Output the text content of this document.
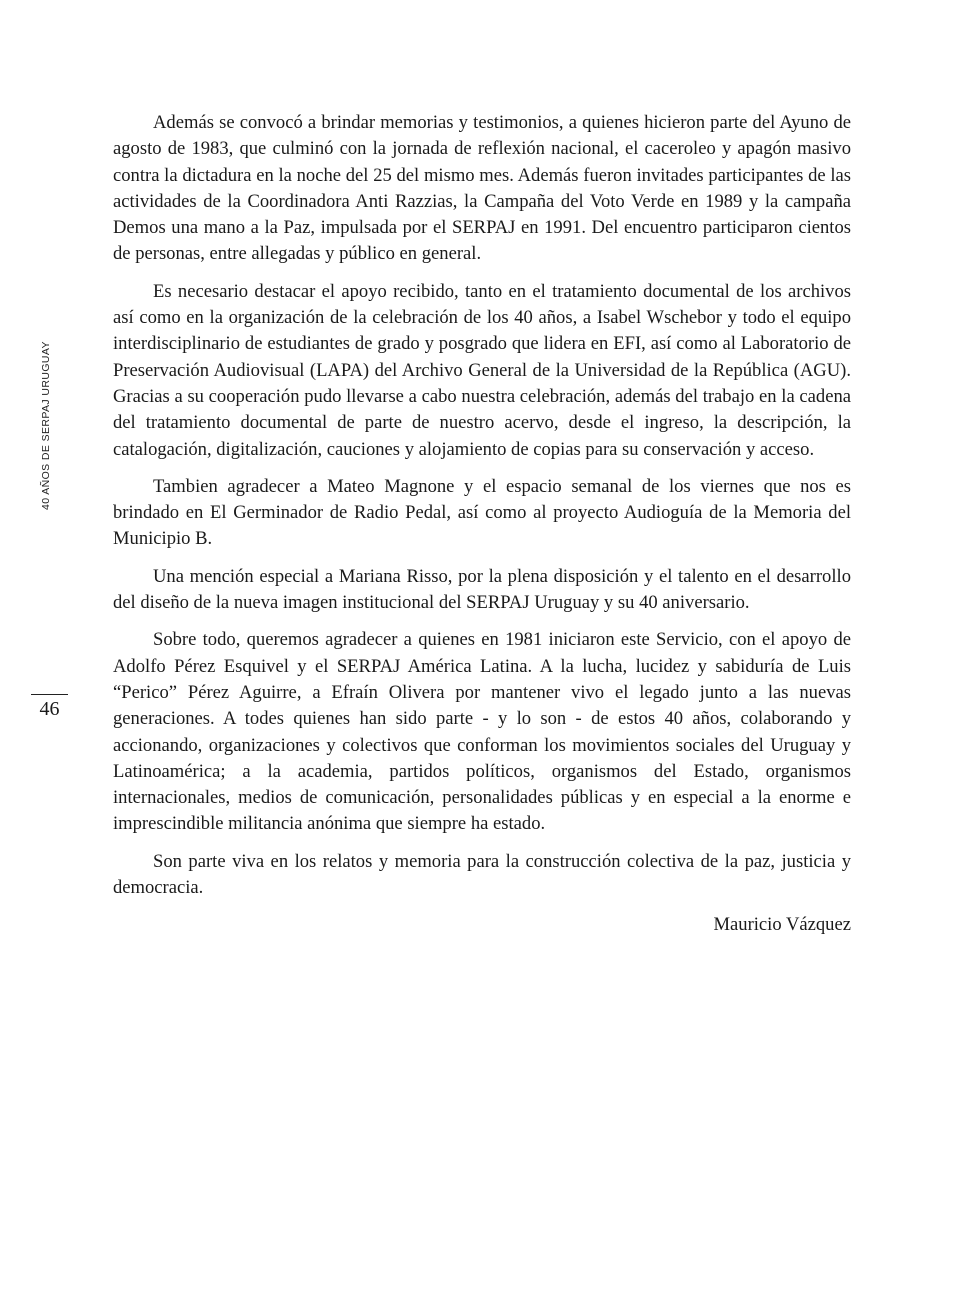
40 AÑOS DE SERPAJ URUGUAY
46

Además se convocó a brindar memorias y testimonios, a quienes hicieron parte del Ayuno de agosto de 1983, que culminó con la jornada de reflexión nacional, el caceroleo y apagón masivo contra la dictadura en la noche del 25 del mismo mes. Además fueron invitades participantes de las actividades de la Coordinadora Anti Razzias, la Campaña del Voto Verde en 1989 y la campaña Demos una mano a la Paz, impulsada por el SERPAJ en 1991. Del encuentro participaron cientos de personas, entre allegadas y público en general.

Es necesario destacar el apoyo recibido, tanto en el tratamiento documental de los archivos así como en la organización de la celebración de los 40 años, a Isabel Wschebor y todo el equipo interdisciplinario de estudiantes de grado y posgrado que lidera en EFI, así como al Laboratorio de Preservación Audiovisual (LAPA) del Archivo General de la Universidad de la República (AGU). Gracias a su cooperación pudo llevarse a cabo nuestra celebración, además del trabajo en la cadena del tratamiento documental de parte de nuestro acervo, desde el ingreso, la descripción, la catalogación, digitalización, cauciones y alojamiento de copias para su conservación y acceso.

Tambien agradecer a Mateo Magnone y el espacio semanal de los viernes que nos es brindado en El Germinador de Radio Pedal, así como al proyecto Audioguía de la Memoria del Municipio B.

Una mención especial a Mariana Risso, por la plena disposición y el talento en el desarrollo del diseño de la nueva imagen institucional del SERPAJ Uruguay y su 40 aniversario.

Sobre todo, queremos agradecer a quienes en 1981 iniciaron este Servicio, con el apoyo de Adolfo Pérez Esquivel y el SERPAJ América Latina. A la lucha, lucidez y sabiduría de Luis “Perico” Pérez Aguirre, a Efraín Olivera por mantener vivo el legado junto a las nuevas generaciones. A todes quienes han sido parte - y lo son - de estos 40 años, colaborando y accionando, organizaciones y colectivos que conforman los movimientos sociales del Uruguay y Latinoamérica; a la academia, partidos políticos, organismos del Estado, organismos internacionales, medios de comunicación, personalidades públicas y en especial a la enorme e imprescindible militancia anónima que siempre ha estado.

Son parte viva en los relatos y memoria para la construcción colectiva de la paz, justicia y democracia.

Mauricio Vázquez
